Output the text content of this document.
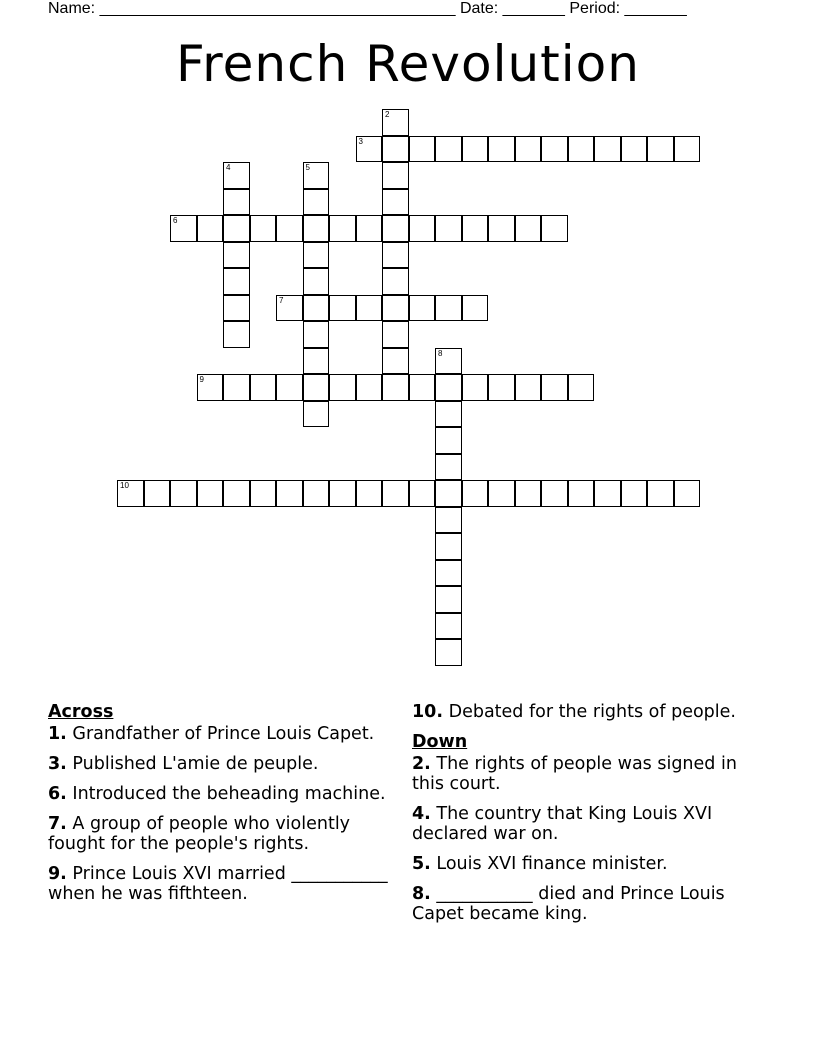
Name: ________________________________________ Date: _______ Period: _______
French Revolution
2
3
4	5
6
7
8
9
10
Across
1. Grandfather of Prince Louis Capet.
3. Published L'amie de peuple.
6. Introduced the beheading machine.
7. A group of people who violently fought for the people's rights.
9. Prince Louis XVI married ___________ when he was fifthteen.
10. Debated for the rights of people.
Down
2. The rights of people was signed in this court.
4. The country that King Louis XVI declared war on.
5. Louis XVI finance minister.
8. ___________ died and Prince Louis Capet became king.
